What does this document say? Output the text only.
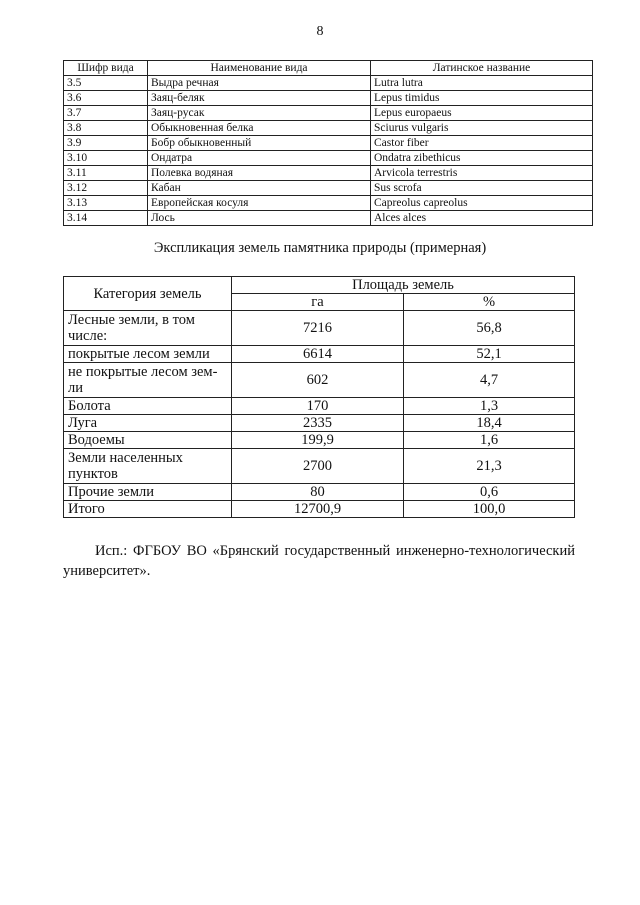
8
Шифр вида	Наименование вида	Латинское название
3.5	Выдра речная	Lutra lutra
3.6	Заяц-беляк	Lepus timidus
3.7	Заяц-русак	Lepus europaeus
3.8	Обыкновенная белка	Sciurus vulgaris
3.9	Бобр обыкновенный	Castor fiber
3.10	Ондатра	Ondatra zibethicus
3.11	Полевка водяная	Arvicola terrestris
3.12	Кабан	Sus scrofa
3.13	Европейская косуля	Capreolus capreolus
3.14	Лось	Alces alces
Экспликация земель памятника природы (примерная)
Категория земель	Площадь земель	
	га	%
Лесные земли, в том числе:	7216	56,8
покрытые лесом земли	6614	52,1
не покрытые лесом зем-ли	602	4,7
Болота	170	1,3
Луга	2335	18,4
Водоемы	199,9	1,6
Земли населенных пунктов	2700	21,3
Прочие земли	80	0,6
Итого	12700,9	100,0
Исп.: ФГБОУ ВО «Брянский государственный инженерно-технологический университет».
